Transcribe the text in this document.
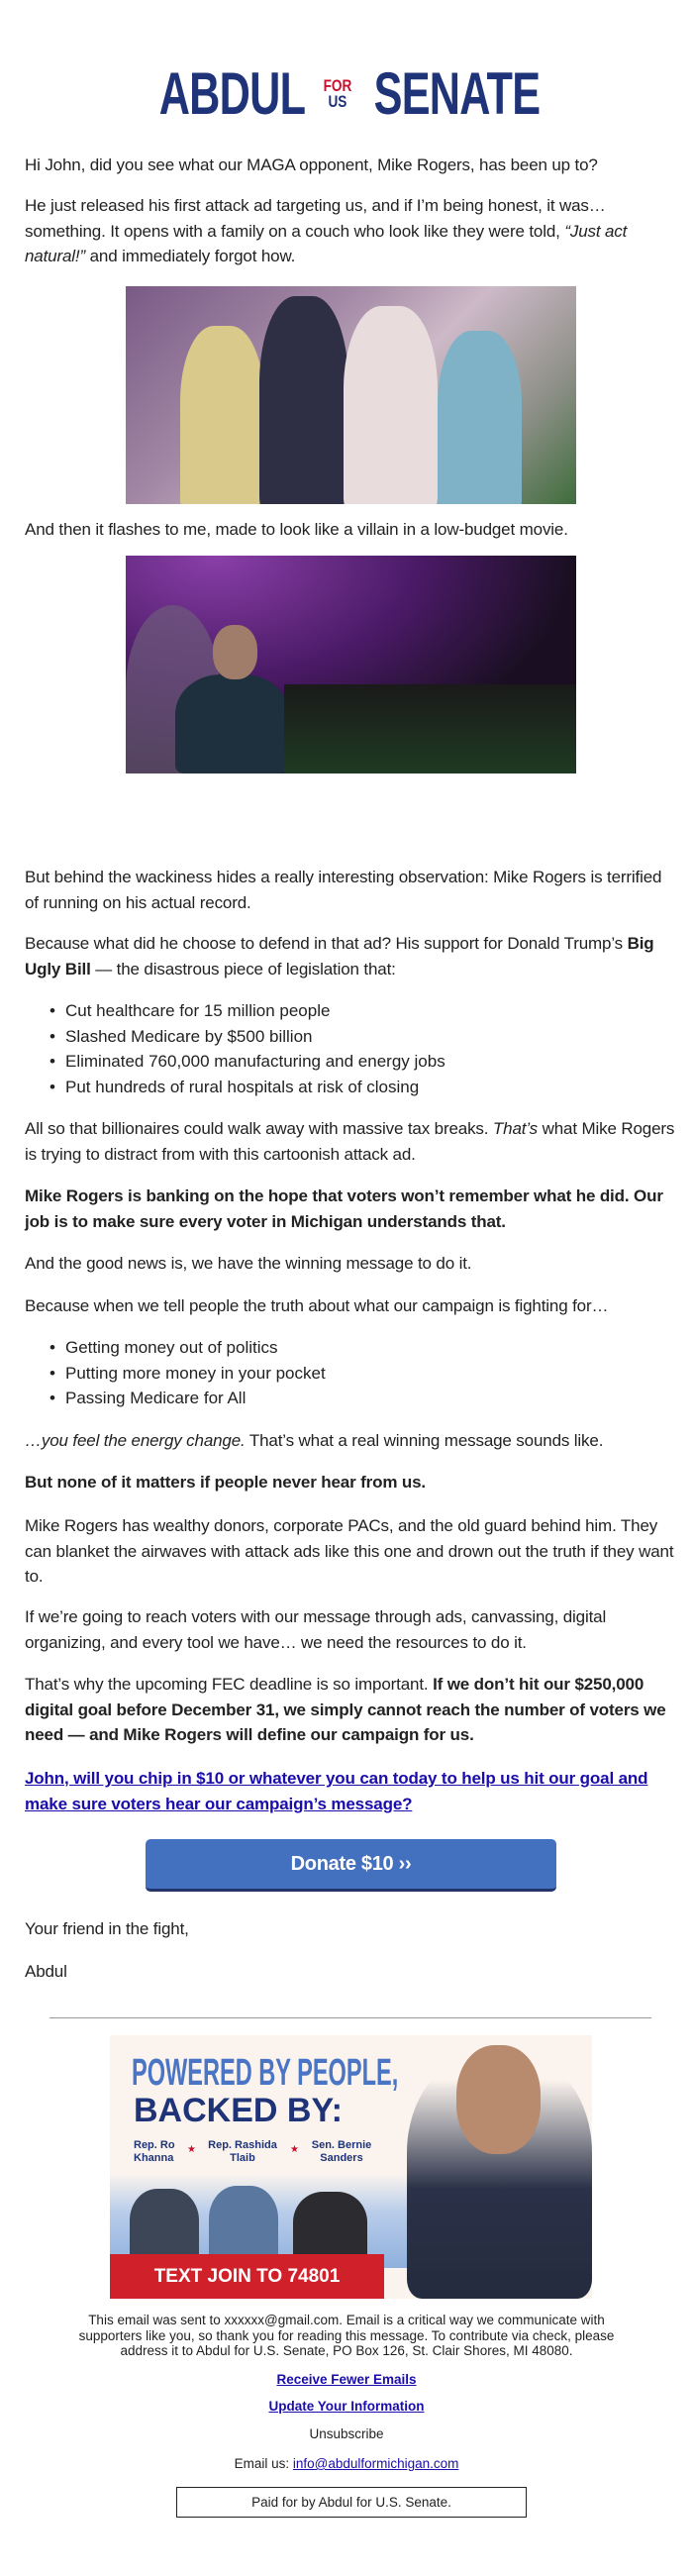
ABDUL FOR
US SENATE

Hi John, did you see what our MAGA opponent, Mike Rogers, has been up to?

He just released his first attack ad targeting us, and if I’m being honest, it was… something. It opens with a family on a couch who look like they were told, “Just act natural!” and immediately forgot how.

And then it flashes to me, made to look like a villain in a low-budget movie.

But behind the wackiness hides a really interesting observation: Mike Rogers is terrified of running on his actual record.

Because what did he choose to defend in that ad? His support for Donald Trump’s Big Ugly Bill — the disastrous piece of legislation that:

• Cut healthcare for 15 million people
• Slashed Medicare by $500 billion
• Eliminated 760,000 manufacturing and energy jobs
• Put hundreds of rural hospitals at risk of closing

All so that billionaires could walk away with massive tax breaks. That’s what Mike Rogers is trying to distract from with this cartoonish attack ad.

Mike Rogers is banking on the hope that voters won’t remember what he did. Our job is to make sure every voter in Michigan understands that.

And the good news is, we have the winning message to do it.

Because when we tell people the truth about what our campaign is fighting for…

• Getting money out of politics
• Putting more money in your pocket
• Passing Medicare for All

…you feel the energy change. That’s what a real winning message sounds like.

But none of it matters if people never hear from us.

Mike Rogers has wealthy donors, corporate PACs, and the old guard behind him. They can blanket the airwaves with attack ads like this one and drown out the truth if they want to.

If we’re going to reach voters with our message through ads, canvassing, digital organizing, and every tool we have… we need the resources to do it.

That’s why the upcoming FEC deadline is so important. If we don’t hit our $250,000 digital goal before December 31, we simply cannot reach the number of voters we need — and Mike Rogers will define our campaign for us.

John, will you chip in $10 or whatever you can today to help us hit our goal and make sure voters hear our campaign’s message?

Donate $10 ››

Your friend in the fight,

Abdul

POWERED BY PEOPLE,
BACKED BY:
Rep. Ro Khanna
★	Rep. Rashida Tlaib
★	Sen. Bernie Sanders
TEXT JOIN TO 74801
This email was sent to xxxxxx@gmail.com. Email is a critical way we communicate with supporters like you, so thank you for reading this message. To contribute via check, please address it to Abdul for U.S. Senate, PO Box 126, St. Clair Shores, MI 48080.
Receive Fewer Emails
Update Your Information
Unsubscribe
Email us: info@abdulformichigan.com
Paid for by Abdul for U.S. Senate.
